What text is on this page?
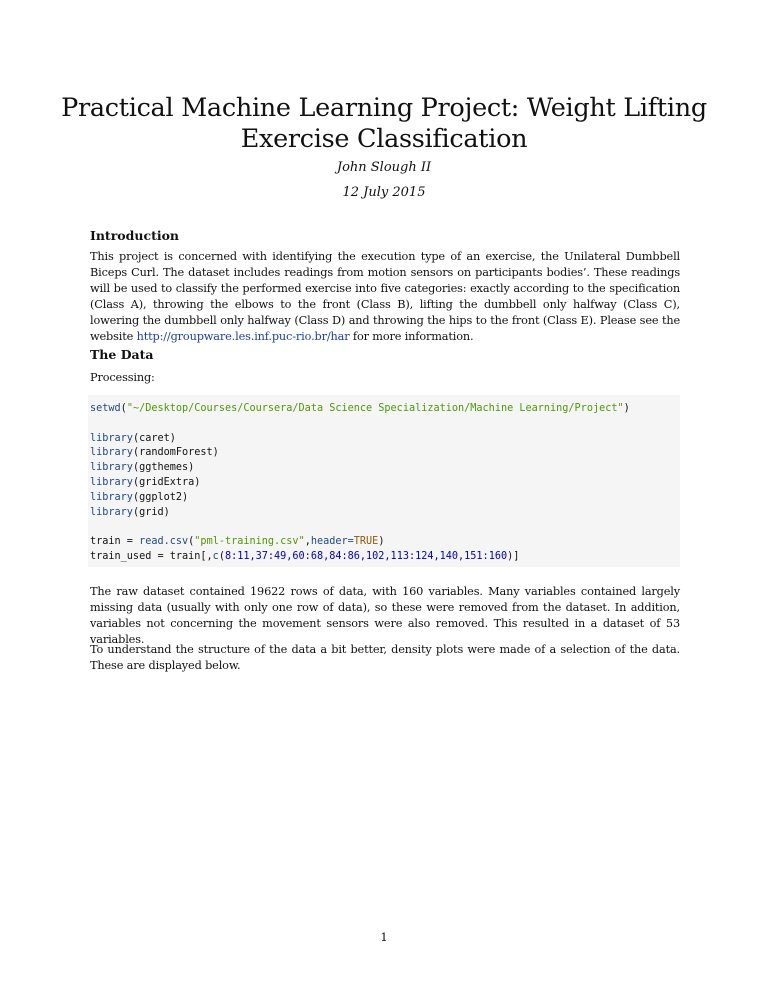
Practical Machine Learning Project: Weight Lifting
Exercise Classification
John Slough II
12 July 2015
Introduction
This project is concerned with identifying the execution type of an exercise, the Unilateral Dumbbell Biceps Curl. The dataset includes readings from motion sensors on participants bodies’. These readings will be used to classify the performed exercise into five categories: exactly according to the specification (Class A), throwing the elbows to the front (Class B), lifting the dumbbell only halfway (Class C), lowering the dumbbell only halfway (Class D) and throwing the hips to the front (Class E). Please see the website http://groupware.les.inf.puc-rio.br/har for more information.
The Data
Processing:
setwd("~/Desktop/Courses/Coursera/Data Science Specialization/Machine Learning/Project")

library(caret)
library(randomForest)
library(ggthemes)
library(gridExtra)
library(ggplot2)
library(grid)

train = read.csv("pml-training.csv",header=TRUE)
train_used = train[,c(8:11,37:49,60:68,84:86,102,113:124,140,151:160)]
The raw dataset contained 19622 rows of data, with 160 variables. Many variables contained largely missing data (usually with only one row of data), so these were removed from the dataset. In addition, variables not concerning the movement sensors were also removed. This resulted in a dataset of 53 variables.
To understand the structure of the data a bit better, density plots were made of a selection of the data. These are displayed below.
1
